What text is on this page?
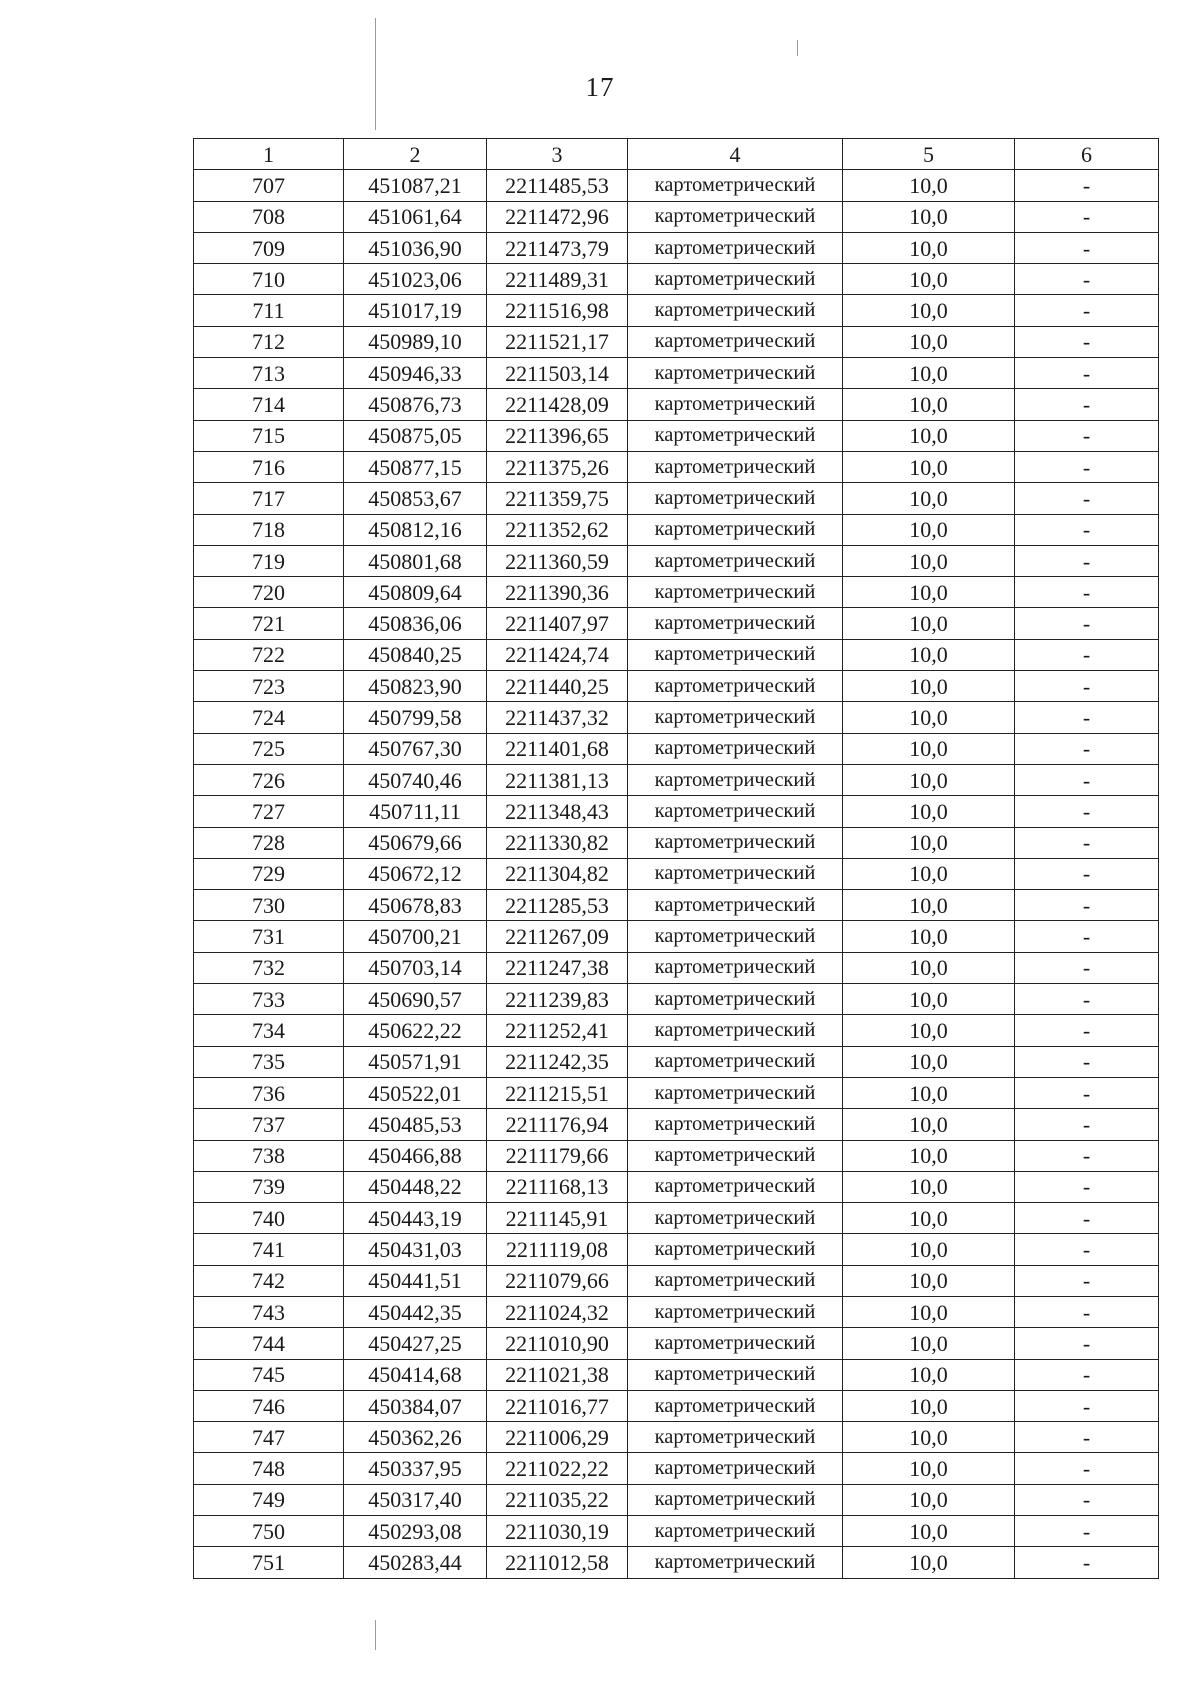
17
1	2	3	4	5	6
707	451087,21	2211485,53	картометрический	10,0	-
708	451061,64	2211472,96	картометрический	10,0	-
709	451036,90	2211473,79	картометрический	10,0	-
710	451023,06	2211489,31	картометрический	10,0	-
711	451017,19	2211516,98	картометрический	10,0	-
712	450989,10	2211521,17	картометрический	10,0	-
713	450946,33	2211503,14	картометрический	10,0	-
714	450876,73	2211428,09	картометрический	10,0	-
715	450875,05	2211396,65	картометрический	10,0	-
716	450877,15	2211375,26	картометрический	10,0	-
717	450853,67	2211359,75	картометрический	10,0	-
718	450812,16	2211352,62	картометрический	10,0	-
719	450801,68	2211360,59	картометрический	10,0	-
720	450809,64	2211390,36	картометрический	10,0	-
721	450836,06	2211407,97	картометрический	10,0	-
722	450840,25	2211424,74	картометрический	10,0	-
723	450823,90	2211440,25	картометрический	10,0	-
724	450799,58	2211437,32	картометрический	10,0	-
725	450767,30	2211401,68	картометрический	10,0	-
726	450740,46	2211381,13	картометрический	10,0	-
727	450711,11	2211348,43	картометрический	10,0	-
728	450679,66	2211330,82	картометрический	10,0	-
729	450672,12	2211304,82	картометрический	10,0	-
730	450678,83	2211285,53	картометрический	10,0	-
731	450700,21	2211267,09	картометрический	10,0	-
732	450703,14	2211247,38	картометрический	10,0	-
733	450690,57	2211239,83	картометрический	10,0	-
734	450622,22	2211252,41	картометрический	10,0	-
735	450571,91	2211242,35	картометрический	10,0	-
736	450522,01	2211215,51	картометрический	10,0	-
737	450485,53	2211176,94	картометрический	10,0	-
738	450466,88	2211179,66	картометрический	10,0	-
739	450448,22	2211168,13	картометрический	10,0	-
740	450443,19	2211145,91	картометрический	10,0	-
741	450431,03	2211119,08	картометрический	10,0	-
742	450441,51	2211079,66	картометрический	10,0	-
743	450442,35	2211024,32	картометрический	10,0	-
744	450427,25	2211010,90	картометрический	10,0	-
745	450414,68	2211021,38	картометрический	10,0	-
746	450384,07	2211016,77	картометрический	10,0	-
747	450362,26	2211006,29	картометрический	10,0	-
748	450337,95	2211022,22	картометрический	10,0	-
749	450317,40	2211035,22	картометрический	10,0	-
750	450293,08	2211030,19	картометрический	10,0	-
751	450283,44	2211012,58	картометрический	10,0	-
